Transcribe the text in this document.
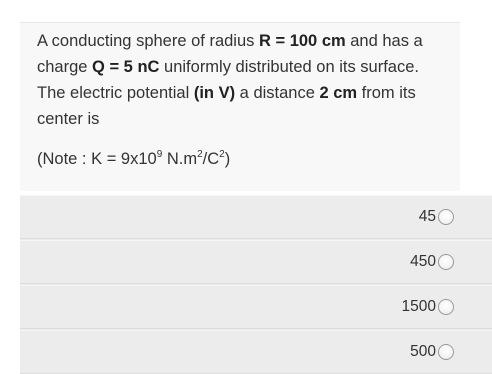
A conducting sphere of radius R = 100 cm and has a
charge Q = 5 nC uniformly distributed on its surface.
The electric potential (in V) a distance 2 cm from its
center is
(Note : $K = 9x10^9$ $N.m^2/C^2$)
45
450
1500
500
